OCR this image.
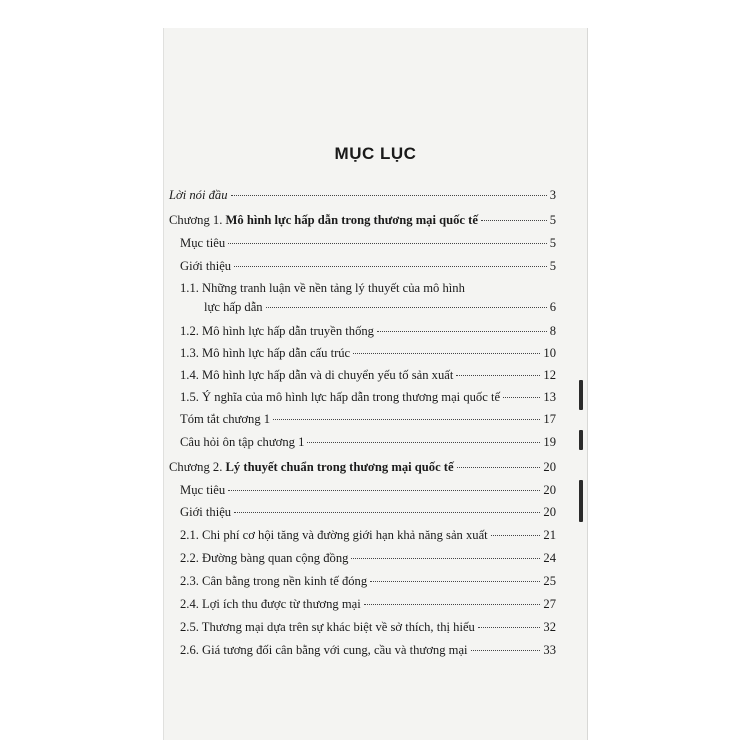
MỤC LỤC
Lời nói đầu	3
Chương 1. Mô hình lực hấp dẫn trong thương mại quốc tế	5
Mục tiêu	5
Giới thiệu	5
1.1. Những tranh luận về nền tảng lý thuyết của mô hình
lực hấp dẫn	6
1.2. Mô hình lực hấp dẫn truyền thống	8
1.3. Mô hình lực hấp dẫn cấu trúc	10
1.4. Mô hình lực hấp dẫn và di chuyển yếu tố sản xuất	12
1.5. Ý nghĩa của mô hình lực hấp dẫn trong thương mại quốc tế	13
Tóm tắt chương 1	17
Câu hỏi ôn tập chương 1	19
Chương 2. Lý thuyết chuẩn trong thương mại quốc tế	20
Mục tiêu	20
Giới thiệu	20
2.1. Chi phí cơ hội tăng và đường giới hạn khả năng sản xuất	21
2.2. Đường bàng quan cộng đồng	24
2.3. Cân bằng trong nền kinh tế đóng	25
2.4. Lợi ích thu được từ thương mại	27
2.5. Thương mại dựa trên sự khác biệt về sở thích, thị hiếu	32
2.6. Giá tương đối cân bằng với cung, cầu và thương mại	33
